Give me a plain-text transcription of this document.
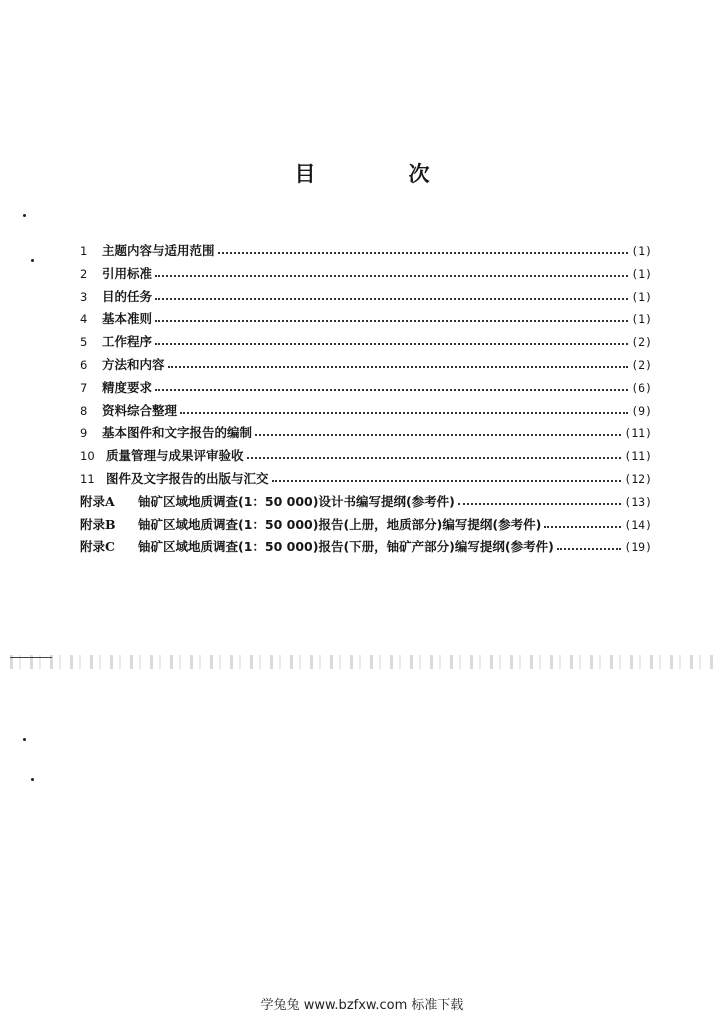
目　次
1	主题内容与适用范围	(1)
2	引用标准	(1)
3	目的任务	(1)
4	基本准则	(1)
5	工作程序	(2)
6	方法和内容	(2)
7	精度要求	(6)
8	资料综合整理	(9)
9	基本图件和文字报告的编制	(11)
10 质量管理与成果评审验收	(11)
11 图件及文字报告的出版与汇交	(12)
附录A	铀矿区域地质调查(1：50 000)设计书编写提纲(参考件)	(13)
附录B	铀矿区域地质调查(1：50 000)报告(上册，地质部分)编写提纲(参考件)	(14)
附录C	铀矿区域地质调查(1：50 000)报告(下册，铀矿产部分)编写提纲(参考件)	(19)
学兔兔 www.bzfxw.com 标准下载
